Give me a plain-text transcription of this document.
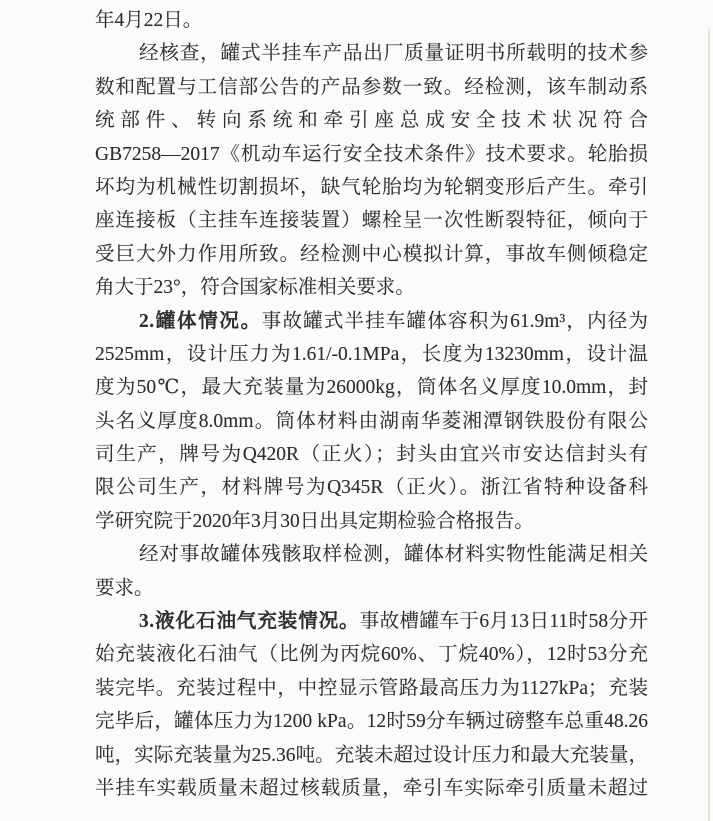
年4月22日。
经核查，罐式半挂车产品出厂质量证明书所载明的技术参
数和配置与工信部公告的产品参数一致。经检测，该车制动系
统部件、转向系统和牵引座总成安全技术状况符合
GB7258—2017《机动车运行安全技术条件》技术要求。轮胎损
坏均为机械性切割损坏，缺气轮胎均为轮辋变形后产生。牵引
座连接板（主挂车连接装置）螺栓呈一次性断裂特征，倾向于
受巨大外力作用所致。经检测中心模拟计算，事故车侧倾稳定
角大于23°，符合国家标准相关要求。
2.罐体情况。事故罐式半挂车罐体容积为61.9m³，内径为
2525mm，设计压力为1.61/-0.1MPa，长度为13230mm，设计温
度为50℃，最大充装量为26000kg，筒体名义厚度10.0mm，封
头名义厚度8.0mm。筒体材料由湖南华菱湘潭钢铁股份有限公
司生产，牌号为Q420R（正火）；封头由宜兴市安达信封头有
限公司生产，材料牌号为Q345R（正火）。浙江省特种设备科
学研究院于2020年3月30日出具定期检验合格报告。
经对事故罐体残骸取样检测，罐体材料实物性能满足相关
要求。
3.液化石油气充装情况。事故槽罐车于6月13日11时58分开
始充装液化石油气（比例为丙烷60%、丁烷40%），12时53分充
装完毕。充装过程中，中控显示管路最高压力为1127kPa；充装
完毕后，罐体压力为1200 kPa。12时59分车辆过磅整车总重48.26
吨，实际充装量为25.36吨。充装未超过设计压力和最大充装量，
半挂车实载质量未超过核载质量，牵引车实际牵引质量未超过
